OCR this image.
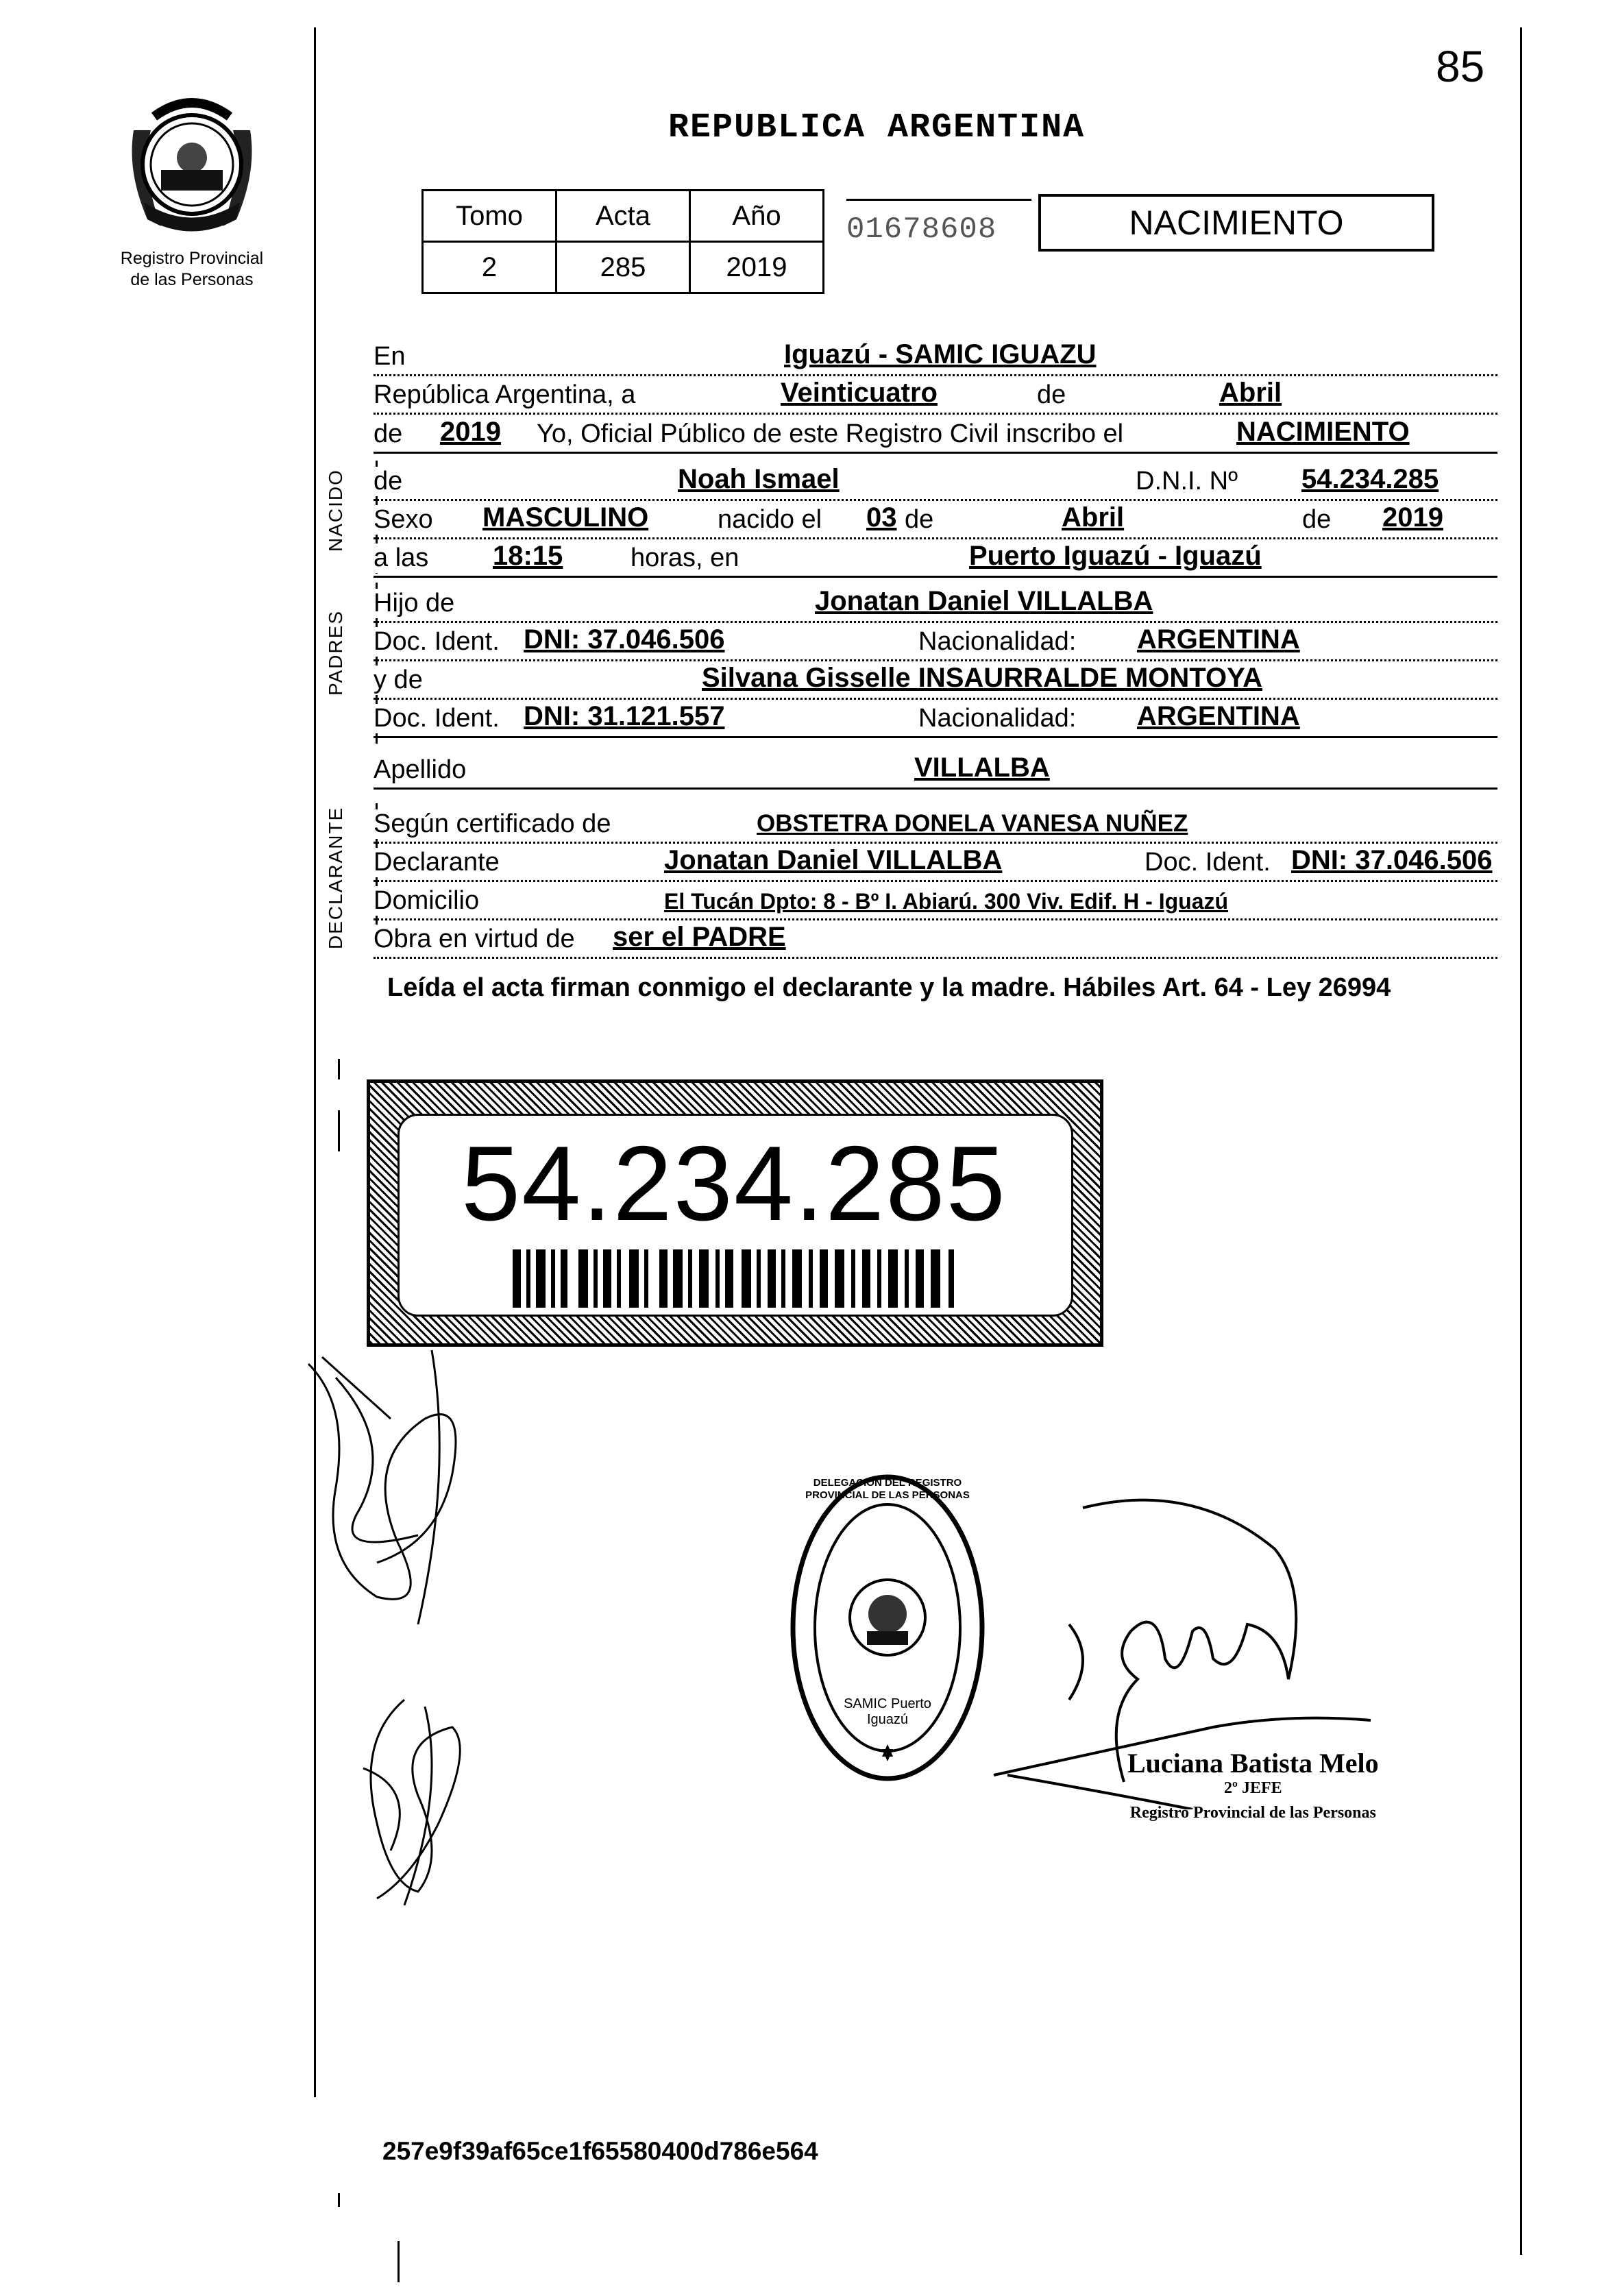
85
REPUBLICA ARGENTINA
Registro Provincial
de las Personas
Tomo	Acta	Año
2	285	2019
01678608	NACIMIENTO
En	Iguazú - SAMIC IGUAZU
República Argentina, a	Veinticuatro	de	Abril
de 2019 Yo, Oficial Público de este Registro Civil inscribo el	NACIMIENTO
NACIDO de	Noah Ismael	D.N.I. Nº 54.234.285
Sexo MASCULINO	nacido el 03 de	Abril	de 2019
a las 18:15	horas, en	Puerto Iguazú - Iguazú
PADRES
Hijo de	Jonatan Daniel VILLALBA
Doc. Ident. DNI: 37.046.506	Nacionalidad: ARGENTINA
y de	Silvana Gisselle INSAURRALDE MONTOYA
Doc. Ident. DNI: 31.121.557	Nacionalidad: ARGENTINA
Apellido	VILLALBA
DECLARANTE Según certificado de	OBSTETRA DONELA VANESA NUÑEZ
Declarante	Jonatan Daniel VILLALBA	Doc. Ident. DNI: 37.046.506
Domicilio	El Tucán Dpto: 8 - Bº I. Abiarú. 300 Viv. Edif. H - Iguazú
Obra en virtud de ser el PADRE
Leída el acta firman conmigo el declarante y la madre. Hábiles Art. 64 - Ley 26994
54.234.285
DELEGACION DEL REGISTRO PROVINCIAL DE LAS PERSONAS
SAMIC Puerto Iguazú
Luciana Batista Melo
2º JEFE
Registro Provincial de las Personas
257e9f39af65ce1f65580400d786e564
